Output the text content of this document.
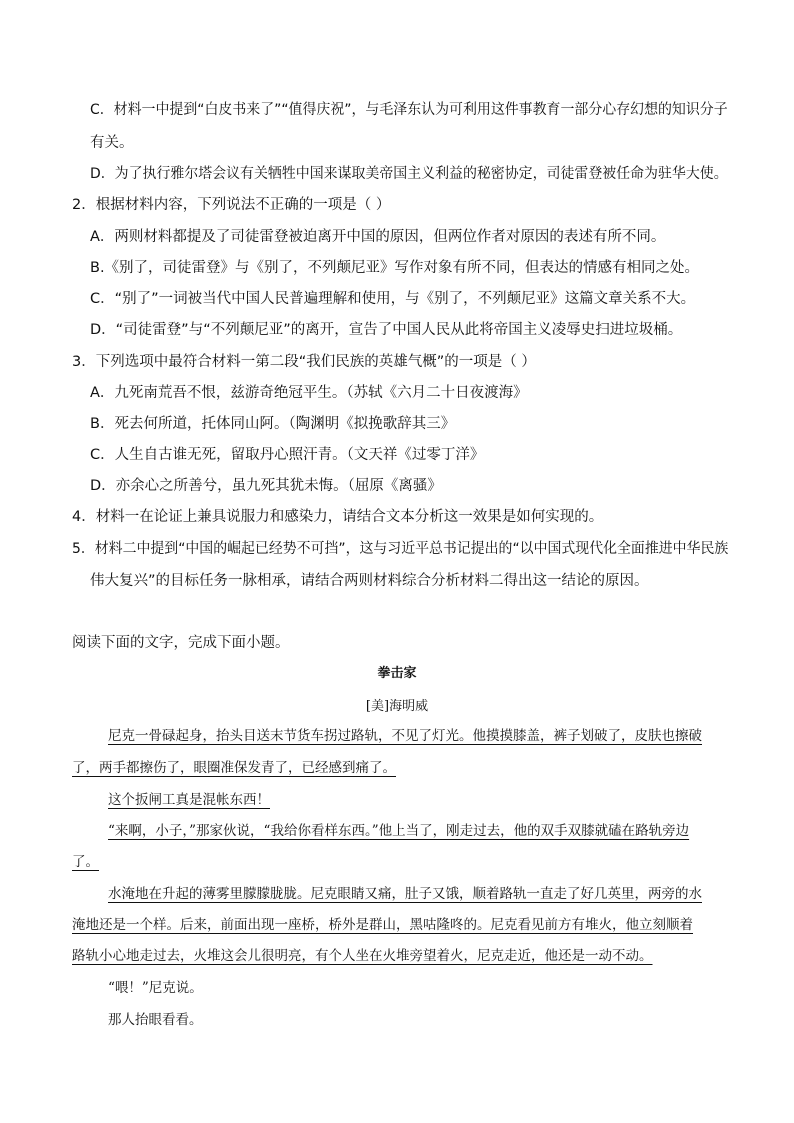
C．材料一中提到“白皮书来了”“值得庆祝”，与毛泽东认为可利用这件事教育一部分心存幻想的知识分子
有关。
D．为了执行雅尔塔会议有关牺牲中国来谋取美帝国主义利益的秘密协定，司徒雷登被任命为驻华大使。
2．根据材料内容，下列说法不正确的一项是（ ）
A．两则材料都提及了司徒雷登被迫离开中国的原因，但两位作者对原因的表述有所不同。
B.《别了，司徒雷登》与《别了，不列颠尼亚》写作对象有所不同，但表达的情感有相同之处。
C．“别了”一词被当代中国人民普遍理解和使用，与《别了，不列颠尼亚》这篇文章关系不大。
D．“司徒雷登”与“不列颠尼亚”的离开，宣告了中国人民从此将帝国主义凌辱史扫进垃圾桶。
3．下列选项中最符合材料一第二段“我们民族的英雄气概”的一项是（ ）
A．九死南荒吾不恨，兹游奇绝冠平生。（苏轼《六月二十日夜渡海》
B．死去何所道，托体同山阿。（陶渊明《拟挽歌辞其三》
C．人生自古谁无死，留取丹心照汗青。（文天祥《过零丁洋》
D．亦余心之所善兮，虽九死其犹未悔。（屈原《离骚》
4．材料一在论证上兼具说服力和感染力，请结合文本分析这一效果是如何实现的。
5．材料二中提到“中国的崛起已经势不可挡”，这与习近平总书记提出的“以中国式现代化全面推进中华民族
伟大复兴”的目标任务一脉相承，请结合两则材料综合分析材料二得出这一结论的原因。
阅读下面的文字，完成下面小题。
拳击家
[美]海明威
尼克一骨碌起身，抬头目送末节货车拐过路轨，不见了灯光。他摸摸膝盖，裤子划破了，皮肤也擦破
了，两手都擦伤了，眼圈准保发青了，已经感到痛了。
这个扳闸工真是混帐东西！
“来啊，小子，”那家伙说，“我给你看样东西。”他上当了，刚走过去，他的双手双膝就磕在路轨旁边
了。
水淹地在升起的薄雾里朦朦胧胧。尼克眼睛又痛，肚子又饿，顺着路轨一直走了好几英里，两旁的水
淹地还是一个样。后来，前面出现一座桥，桥外是群山，黑咕隆咚的。尼克看见前方有堆火，他立刻顺着
路轨小心地走过去，火堆这会儿很明亮，有个人坐在火堆旁望着火，尼克走近，他还是一动不动。
“喂！”尼克说。
那人抬眼看看。
